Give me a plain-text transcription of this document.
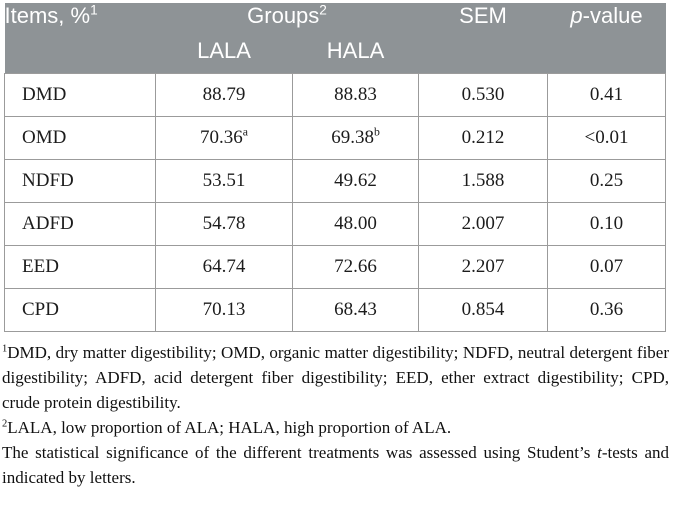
Items, %$^1$	Groups$^2$		SEM	p-value
	LALA	HALA		
DMD	88.79	88.83	0.530	0.41
OMD	70.36$^a$	69.38$^b$	0.212	<0.01
NDFD	53.51	49.62	1.588	0.25
ADFD	54.78	48.00	2.007	0.10
EED	64.74	72.66	2.207	0.07
CPD	70.13	68.43	0.854	0.36

$^1$DMD, dry matter digestibility; OMD, organic matter digestibility; NDFD, neutral detergent fiber digestibility; ADFD, acid detergent fiber digestibility; EED, ether extract digestibility; CPD, crude protein digestibility.

$^2$LALA, low proportion of ALA; HALA, high proportion of ALA.

The statistical significance of the different treatments was assessed using Student’s t-tests and indicated by letters.
